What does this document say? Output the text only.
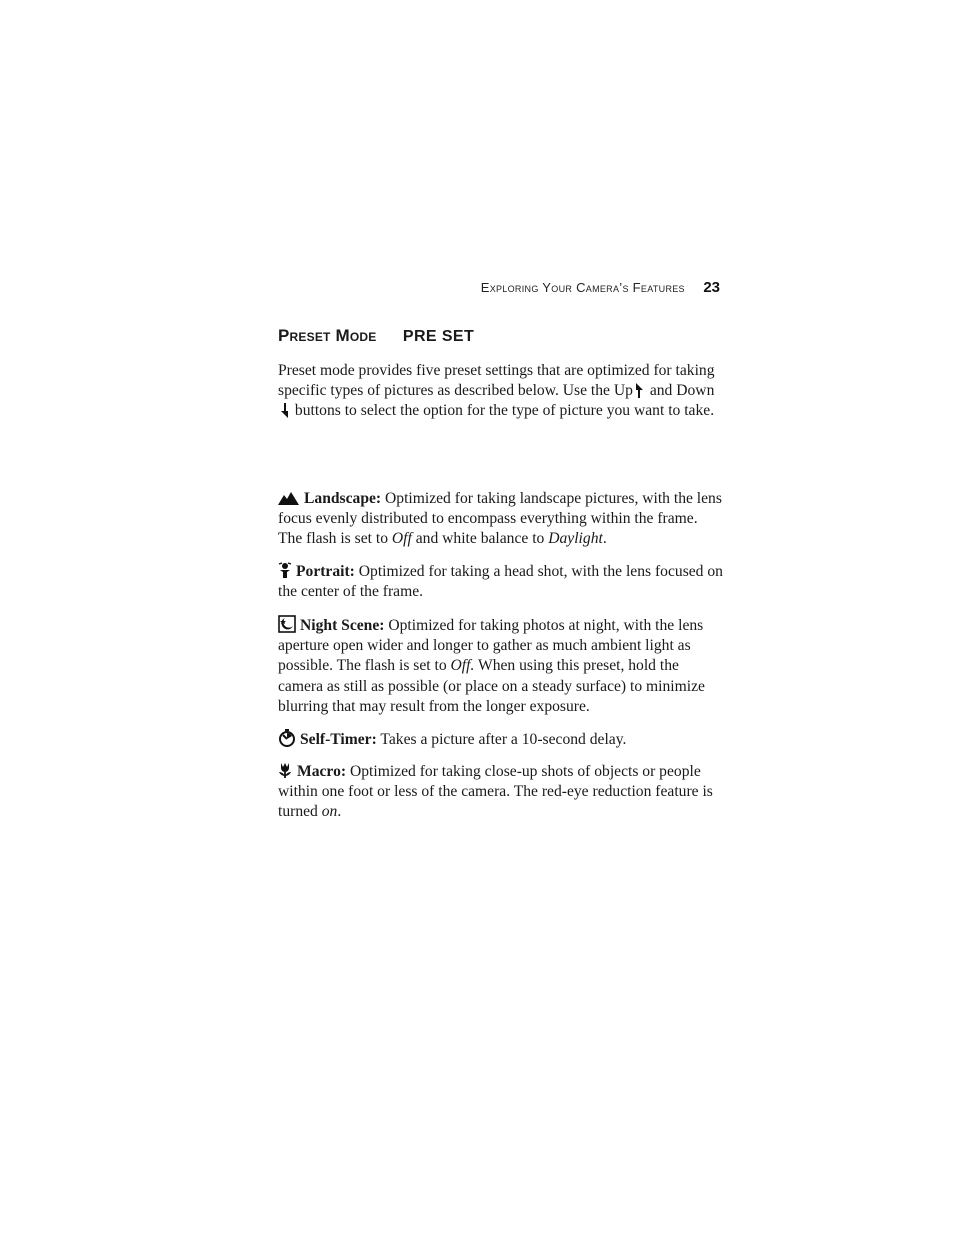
Exploring Your Camera’s Features 23
Preset Mode PRE SET

Preset mode provides five preset settings that are optimized for taking specific types of pictures as described below. Use the Up
and Down
buttons to select the option for the type of picture you want to take.

Landscape: Optimized for taking landscape pictures, with the lens focus evenly distributed to encompass everything within the frame. The flash is set to Off and white balance to Daylight.

Portrait: Optimized for taking a head shot, with the lens focused on the center of the frame.

Night Scene: Optimized for taking photos at night, with the lens aperture open wider and longer to gather as much ambient light as possible. The flash is set to Off. When using this preset, hold the camera as still as possible (or place on a steady surface) to minimize blurring that may result from the longer exposure.

Self-Timer: Takes a picture after a 10-second delay.

Macro: Optimized for taking close-up shots of objects or people within one foot or less of the camera. The red-eye reduction feature is turned on.
